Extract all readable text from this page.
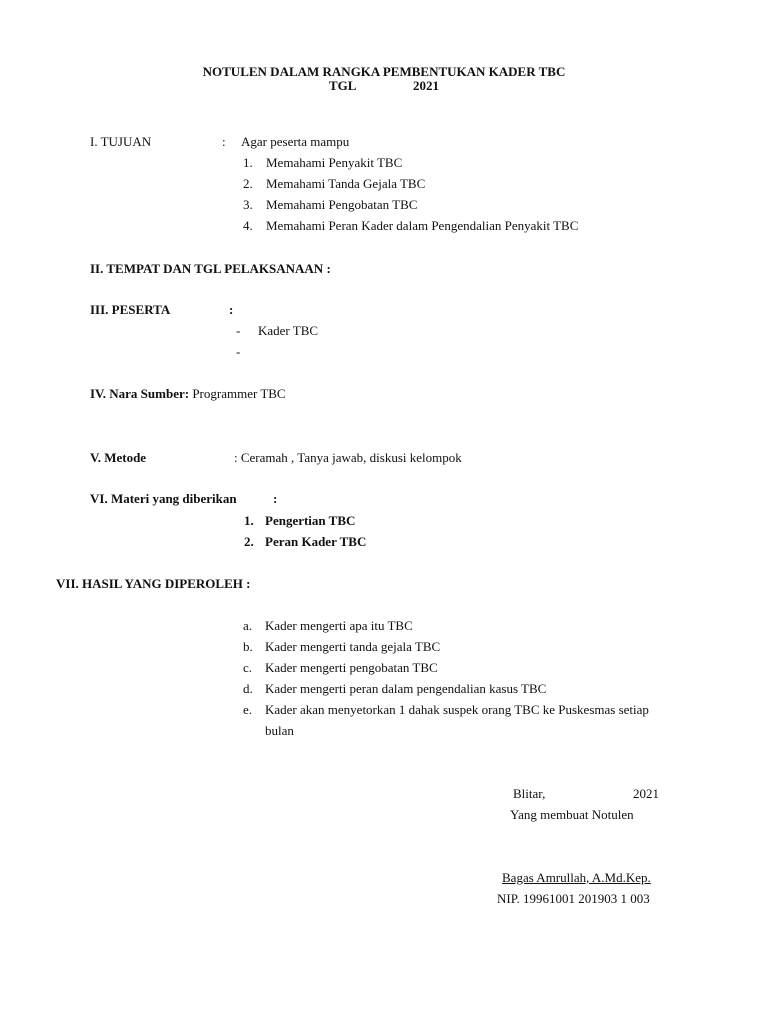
NOTULEN DALAM RANGKA PEMBENTUKAN KADER TBC
TGL	2021
I. TUJUAN	: Agar peserta mampu
1. Memahami Penyakit TBC
2. Memahami Tanda Gejala TBC
3. Memahami Pengobatan TBC
4. Memahami Peran Kader dalam Pengendalian Penyakit TBC
II. TEMPAT DAN TGL PELAKSANAAN :
III. PESERTA	:
- Kader TBC
-
IV. Nara Sumber: Programmer TBC
V. Metode	: Ceramah , Tanya jawab, diskusi kelompok
VI. Materi yang diberikan	:
1. Pengertian TBC
2. Peran Kader TBC
VII. HASIL YANG DIPEROLEH :
a. Kader mengerti apa itu TBC
b. Kader mengerti tanda gejala TBC
c. Kader mengerti pengobatan TBC
d. Kader mengerti peran dalam pengendalian kasus TBC
e. Kader akan menyetorkan 1 dahak suspek orang TBC ke Puskesmas setiap
bulan
Blitar,	2021
Yang membuat Notulen
Bagas Amrullah, A.Md.Kep.
NIP. 19961001 201903 1 003
